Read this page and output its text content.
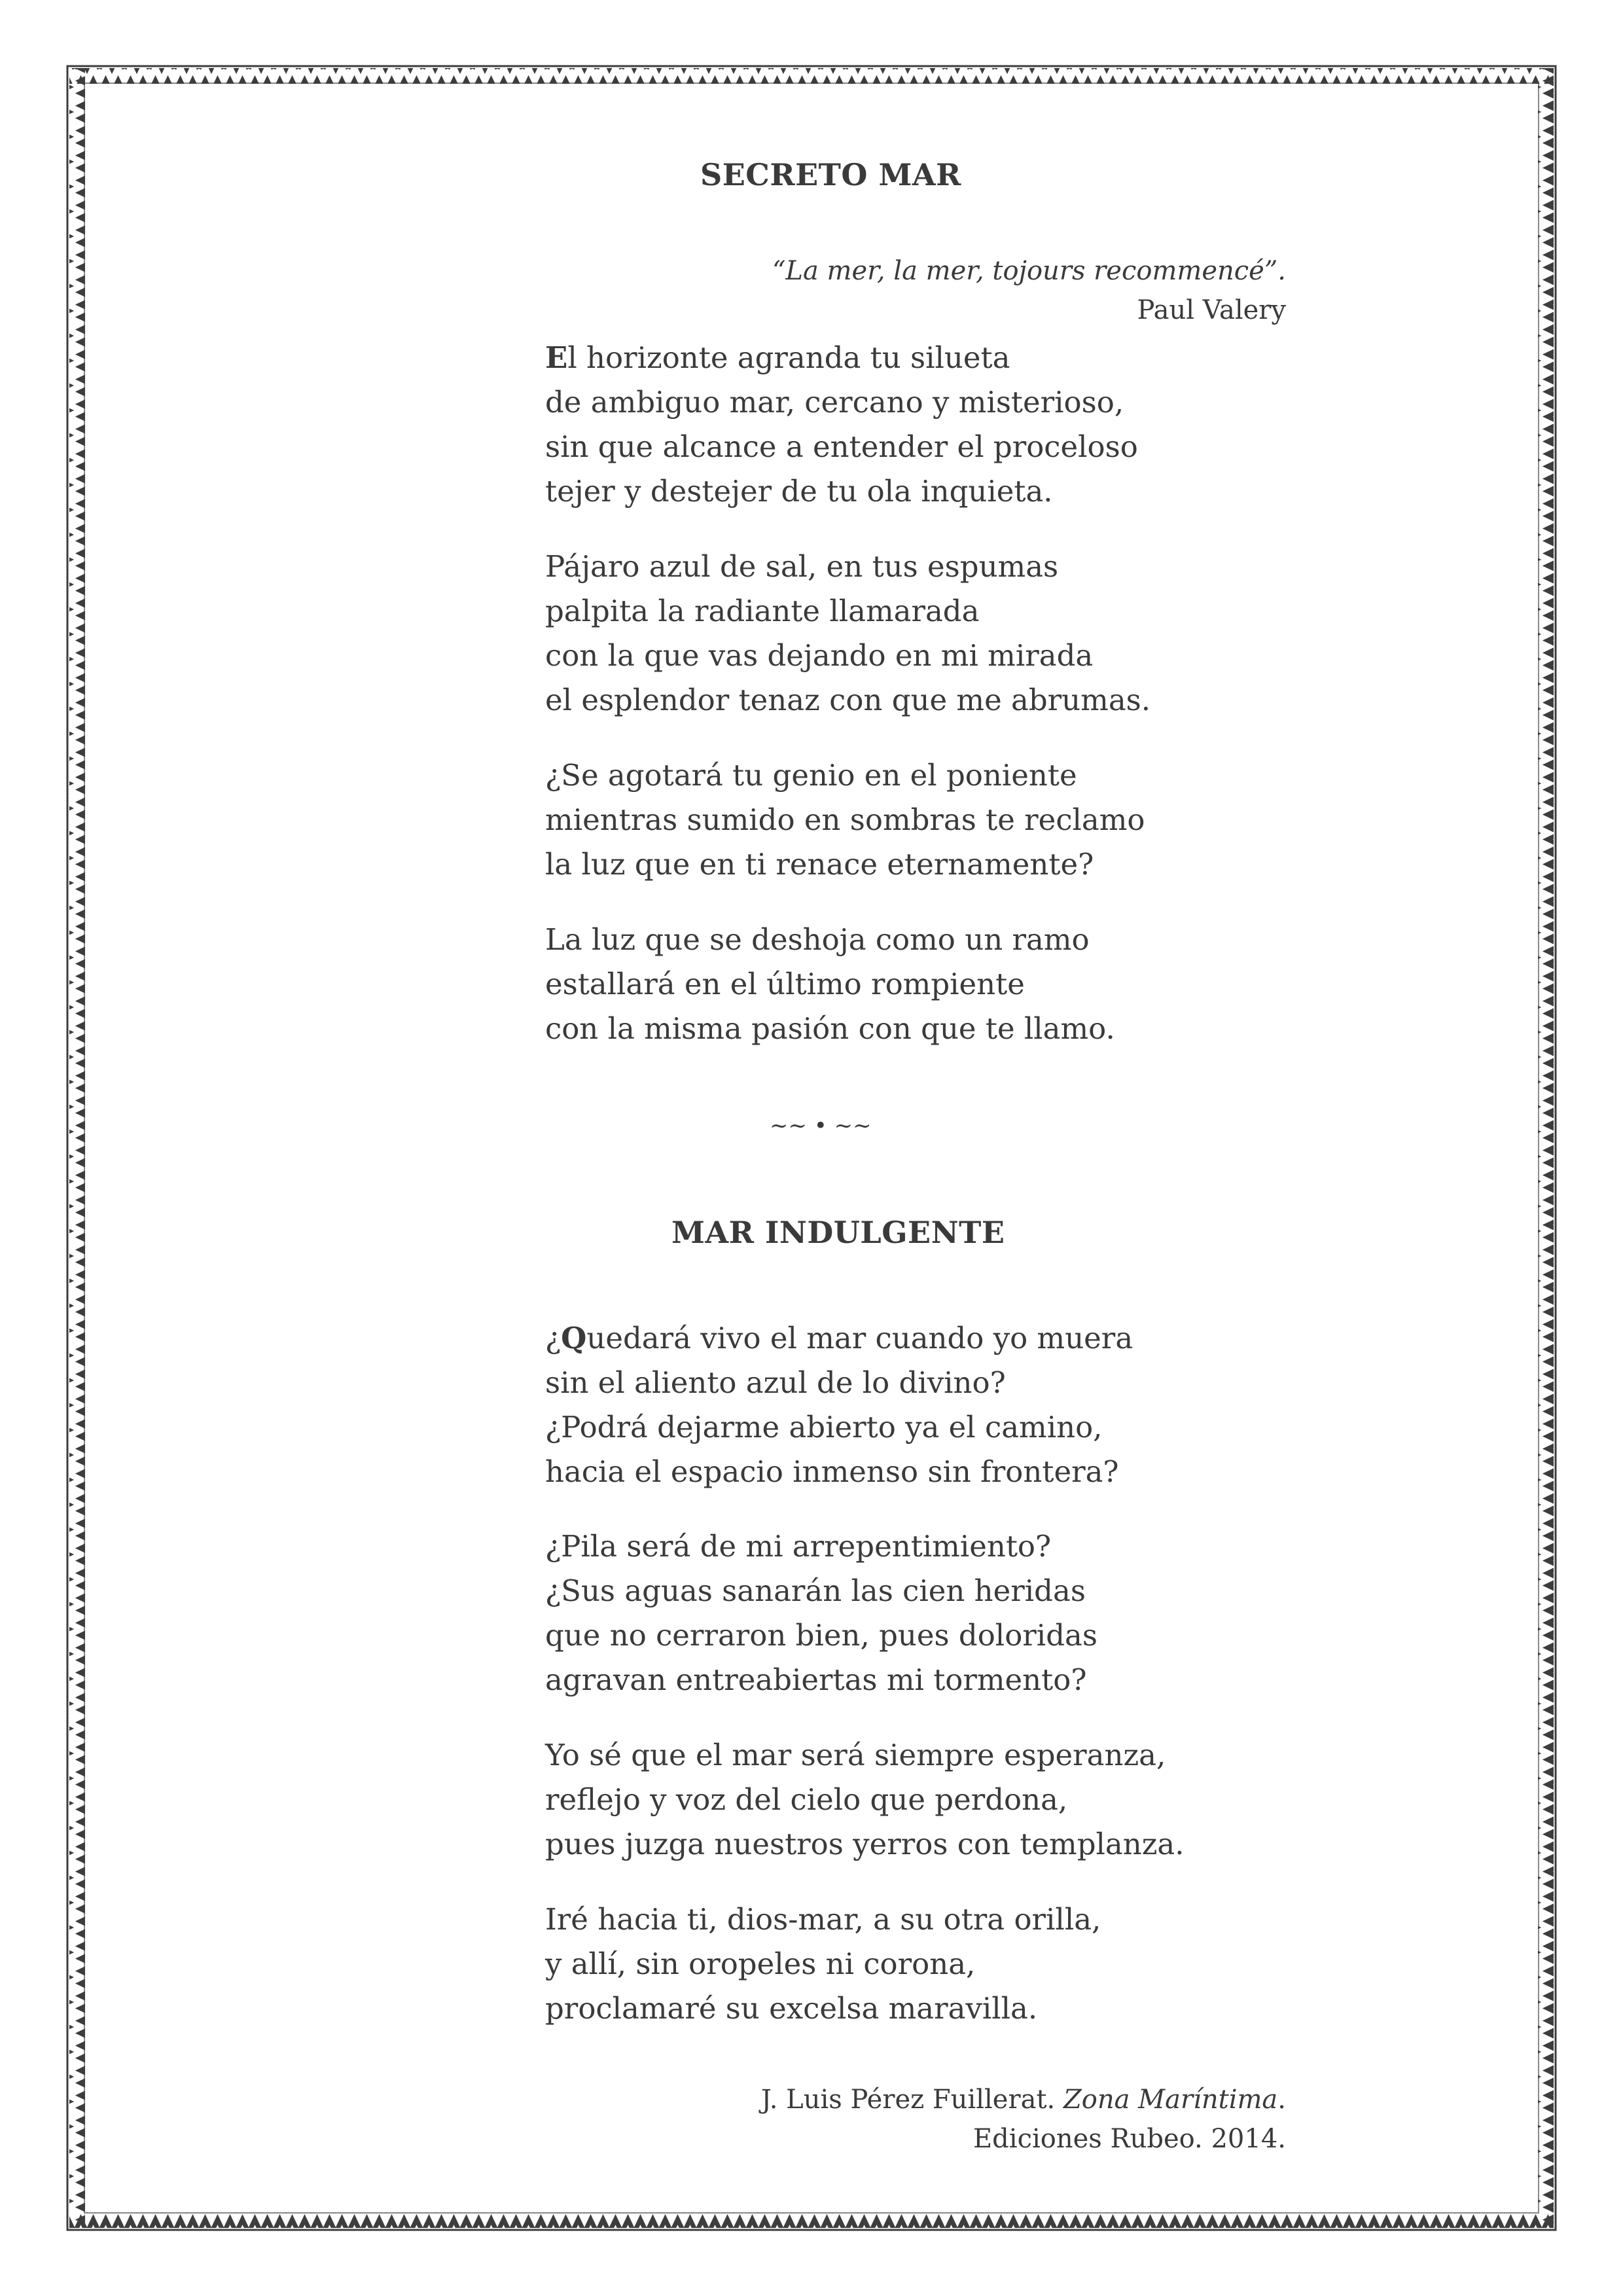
SECRETO MAR
“La mer, la mer, tojours recommencé”.
Paul Valery
El horizonte agranda tu silueta
de ambiguo mar, cercano y misterioso,
sin que alcance a entender el proceloso
tejer y destejer de tu ola inquieta.
Pájaro azul de sal, en tus espumas
palpita la radiante llamarada
con la que vas dejando en mi mirada
el esplendor tenaz con que me abrumas.
¿Se agotará tu genio en el poniente
mientras sumido en sombras te reclamo
la luz que en ti renace eternamente?
La luz que se deshoja como un ramo
estallará en el último rompiente
con la misma pasión con que te llamo.
~~ • ~~
MAR INDULGENTE
¿Quedará vivo el mar cuando yo muera
sin el aliento azul de lo divino?
¿Podrá dejarme abierto ya el camino,
hacia el espacio inmenso sin frontera?
¿Pila será de mi arrepentimiento?
¿Sus aguas sanarán las cien heridas
que no cerraron bien, pues doloridas
agravan entreabiertas mi tormento?
Yo sé que el mar será siempre esperanza,
reflejo y voz del cielo que perdona,
pues juzga nuestros yerros con templanza.
Iré hacia ti, dios-mar, a su otra orilla,
y allí, sin oropeles ni corona,
proclamaré su excelsa maravilla.
J. Luis Pérez Fuillerat. Zona Maríntima.
Ediciones Rubeo. 2014.
